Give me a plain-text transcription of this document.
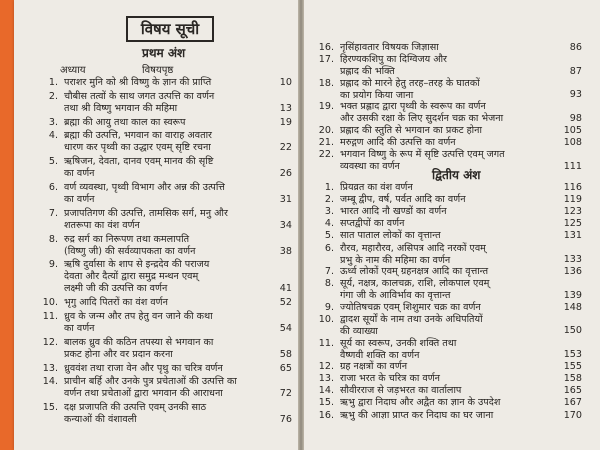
विषय सूची
प्रथम अंश
अध्याय	विषयपृष्ठ
1. पराशर मुनि को श्री विष्णु के ज्ञान की प्राप्ति	10
2. चौबीस तत्वों के साथ जगत उत्पत्ति का वर्णन
तथा श्री विष्णु भगवान की महिमा	13
3. ब्रह्मा की आयु तथा काल का स्वरूप	19
4. ब्रह्मा की उत्पत्ति, भगवान का वाराह अवतार
धारण कर पृथ्वी का उद्धार एवम् सृष्टि रचना	22
5. ऋषिजन, देवता, दानव एवम् मानव की सृष्टि
का वर्णन	26
6. वर्ण व्यवस्था, पृथ्वी विभाग और अन्न की उत्पत्ति
का वर्णन	31
7. प्रजापतिगण की उत्पत्ति, तामसिक सर्ग, मनु और
शतरूपा का वंश वर्णन	34
8. रुद्र सर्ग का निरूपण तथा कमलापति
(विष्णु जी) की सर्वव्यापकता का वर्णन	38
9. ऋषि दुर्वासा के शाप से इन्द्रदेव की पराजय
देवता और दैत्यों द्वारा समुद्र मन्थन एवम्
लक्ष्मी जी की उत्पत्ति का वर्णन	41
10. भृगु आदि पितरों का वंश वर्णन	52
11. ध्रुव के जन्म और तप हेतु वन जाने की कथा
का वर्णन	54
12. बालक ध्रुव की कठिन तपस्या से भगवान का
प्रकट होना और वर प्रदान करना	58
13. ध्रुववंश तथा राजा वेन और पृथु का चरित्र वर्णन	65
14. प्राचीन बर्हि और उनके पुत्र प्रचेताओं की उत्पत्ति का
वर्णन तथा प्रचेताओं द्वारा भगवान की आराधना	72
15. दक्ष प्रजापति की उत्पत्ति एवम् उनकी साठ
कन्याओं की वंशावली	76
16. नृसिंहावतार विषयक जिज्ञासा	86
17. हिरण्यकशिपु का दिग्विजय और
प्रह्लाद की भक्ति	87
18. प्रह्लाद को मारने हेतु तरह–तरह के घातकों
का प्रयोग किया जाना	93
19. भक्त प्रह्लाद द्वारा पृथ्वी के स्वरूप का वर्णन
और उसकी रक्षा के लिए सुदर्शन चक्र का भेजना	98
20. प्रह्लाद की स्तुति से भगवान का प्रकट होना	105
21. मरुद्गण आदि की उत्पत्ति का वर्णन	108
22. भगवान विष्णु के रूप में सृष्टि उत्पत्ति एवम् जगत
व्यवस्था का वर्णन	111
द्वितीय अंश
1. प्रियव्रत का वंश वर्णन	116
2. जम्बू द्वीप, वर्ष, पर्वत आदि का वर्णन	119
3. भारत आदि नौ खण्डों का वर्णन	123
4. सप्तद्वीपों का वर्णन	125
5. सात पाताल लोकों का वृत्तान्त	131
6. रौरव, महारौरव, असिपत्र आदि नरकों एवम्
प्रभु के नाम की महिमा का वर्णन	133
7. ऊर्ध्व लोकों एवम् ग्रहनक्षत्र आदि का वृत्तान्त	136
8. सूर्य, नक्षत्र, कालचक्र, राशि, लोकपाल एवम्
गंगा जी के आविर्भाव का वृत्तान्त	139
9. ज्योतिषचक्र एवम् शिशुमार चक्र का वर्णन	148
10. द्वादश सूर्यों के नाम तथा उनके अधिपतियों
की व्याख्या	150
11. सूर्य का स्वरूप, उनकी शक्ति तथा
वैष्णवी शक्ति का वर्णन	153
12. ग्रह नक्षत्रों का वर्णन	155
13. राजा भरत के चरित्र का वर्णन	158
14. सौवीरराज से जड़भरत का वार्तालाप	165
15. ऋभु द्वारा निदाघ और अद्वैत का ज्ञान के उपदेश	167
16. ऋभु की आज्ञा प्राप्त कर निदाघ का घर जाना	170
